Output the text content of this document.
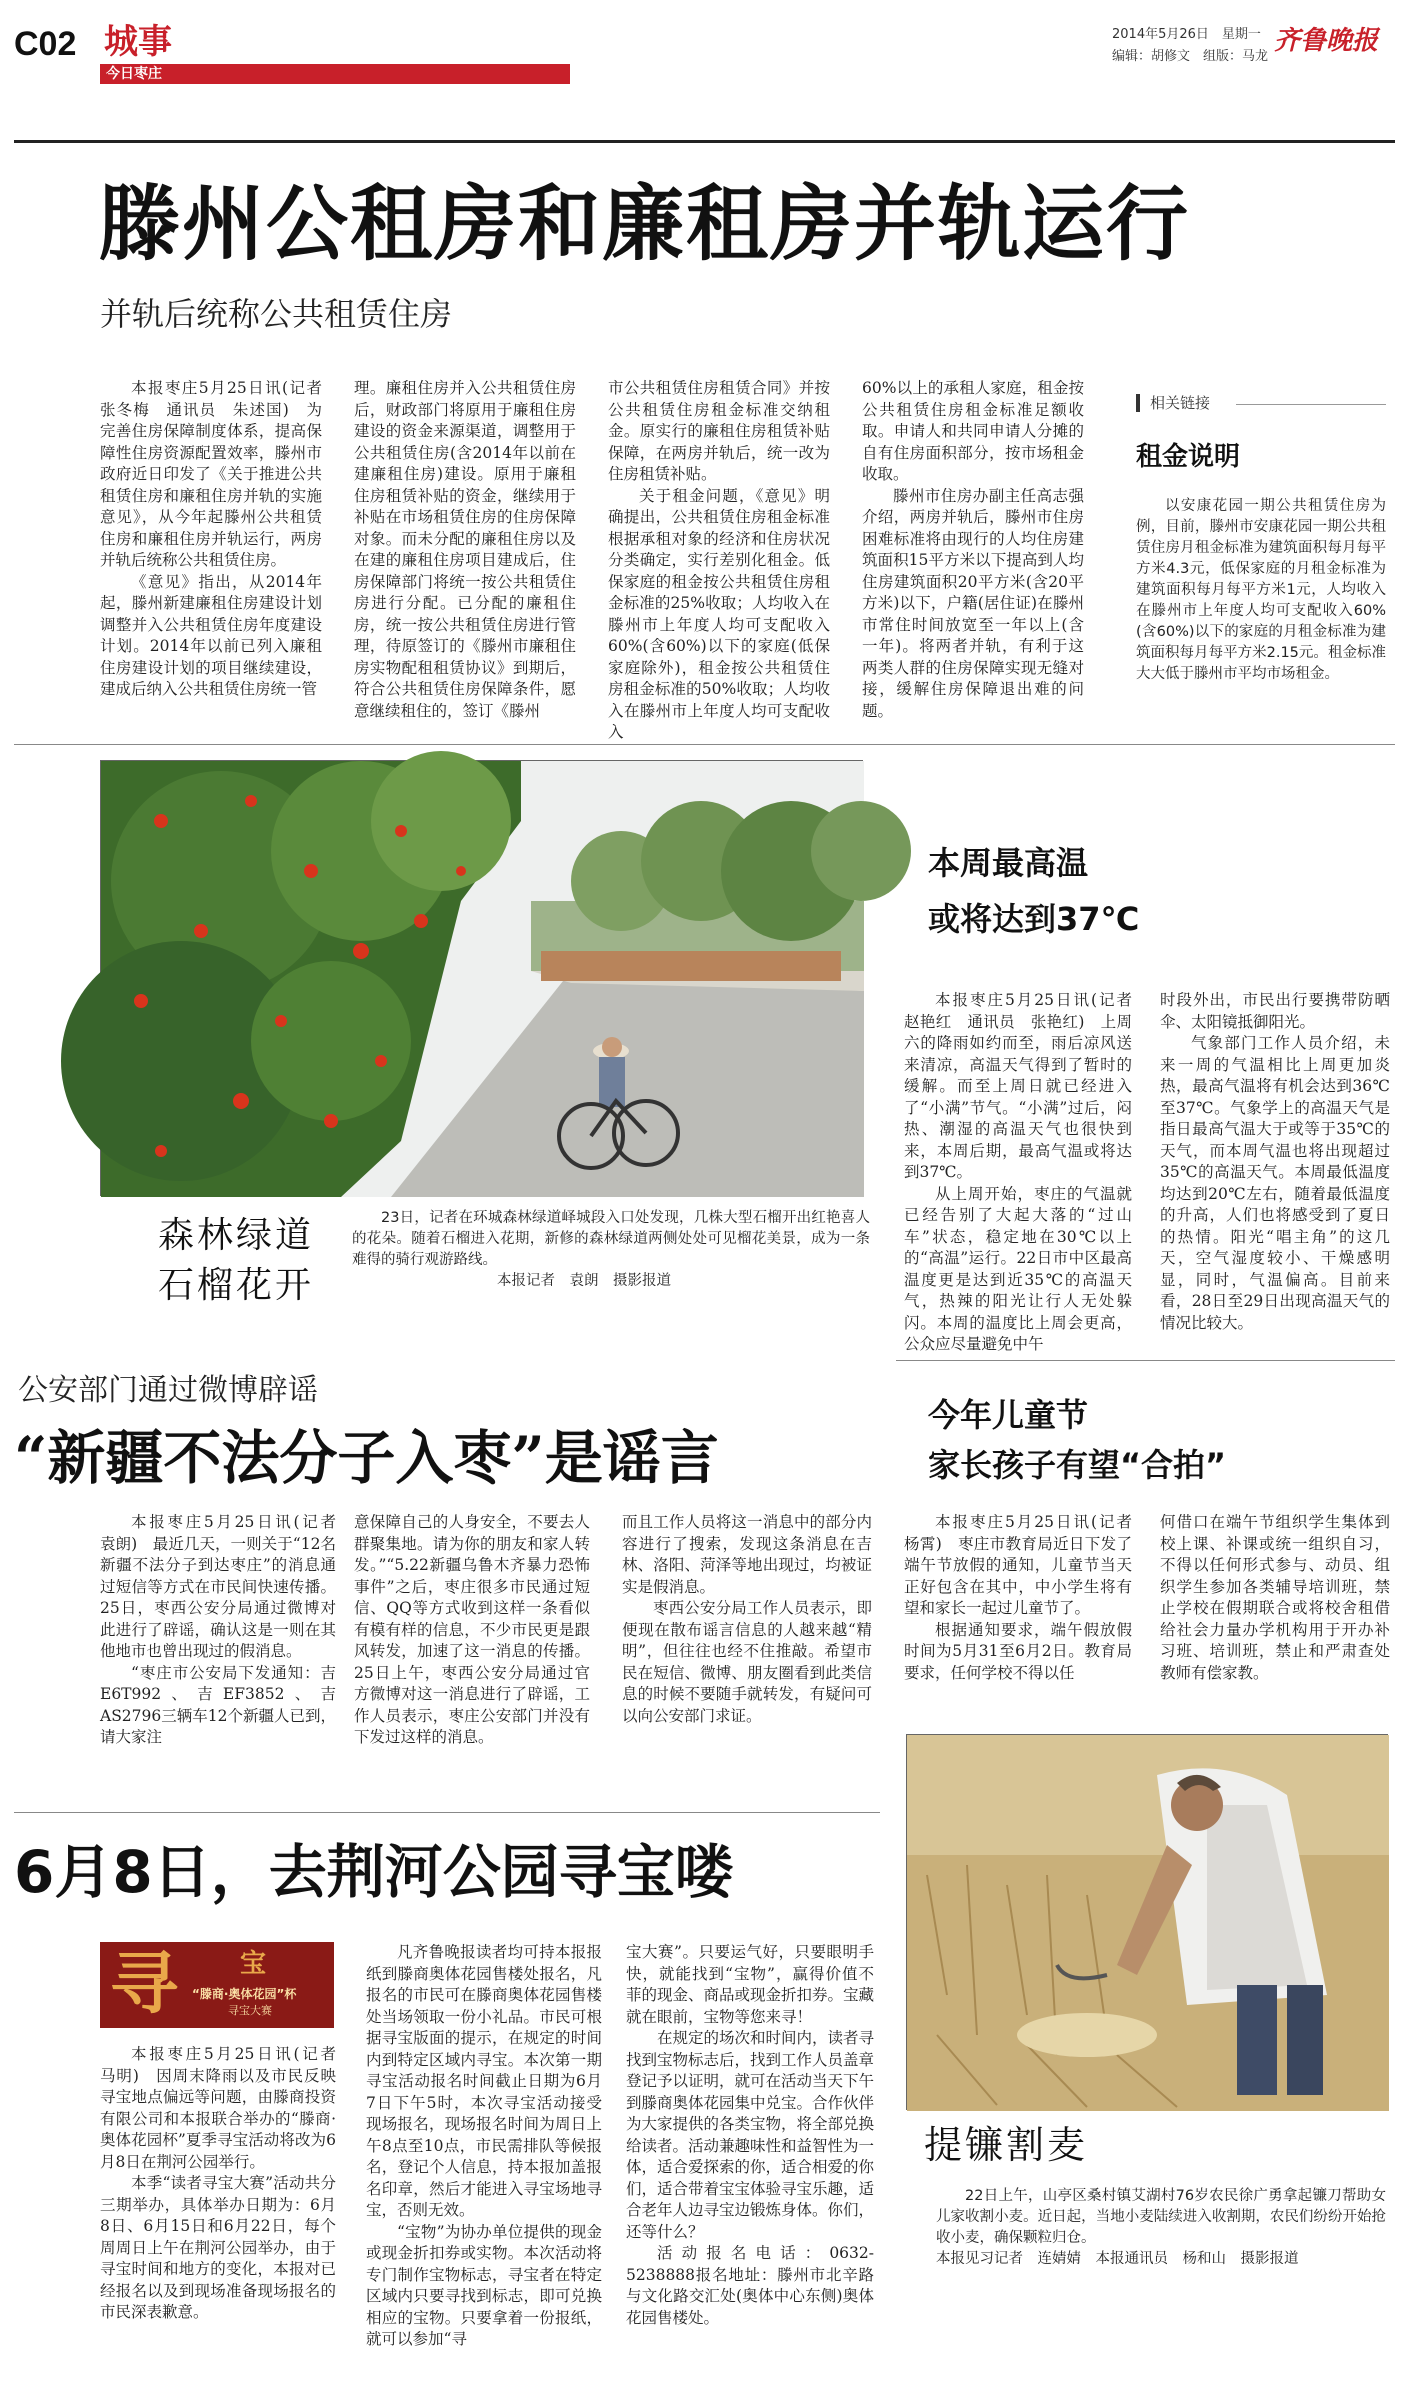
C02 城事
今日枣庄
2014年5月26日　星期一
编辑：胡修文　组版：马龙
齐鲁晚报
滕州公租房和廉租房并轨运行
并轨后统称公共租赁住房

本报枣庄5月25日讯(记者　张冬梅　通讯员　朱述国)　为完善住房保障制度体系，提高保障性住房资源配置效率，滕州市政府近日印发了《关于推进公共租赁住房和廉租住房并轨的实施意见》，从今年起滕州公共租赁住房和廉租住房并轨运行，两房并轨后统称公共租赁住房。

《意见》指出，从2014年起，滕州新建廉租住房建设计划调整并入公共租赁住房年度建设计划。2014年以前已列入廉租住房建设计划的项目继续建设，建成后纳入公共租赁住房统一管

理。廉租住房并入公共租赁住房后，财政部门将原用于廉租住房建设的资金来源渠道，调整用于公共租赁住房(含2014年以前在建廉租住房)建设。原用于廉租住房租赁补贴的资金，继续用于补贴在市场租赁住房的住房保障对象。而未分配的廉租住房以及在建的廉租住房项目建成后，住房保障部门将统一按公共租赁住房进行分配。已分配的廉租住房，统一按公共租赁住房进行管理，待原签订的《滕州市廉租住房实物配租租赁协议》到期后，符合公共租赁住房保障条件，愿意继续租住的，签订《滕州

市公共租赁住房租赁合同》并按公共租赁住房租金标准交纳租金。原实行的廉租住房租赁补贴保障，在两房并轨后，统一改为住房租赁补贴。

关于租金问题，《意见》明确提出，公共租赁住房租金标准根据承租对象的经济和住房状况分类确定，实行差别化租金。低保家庭的租金按公共租赁住房租金标准的25%收取；人均收入在滕州市上年度人均可支配收入60%(含60%)以下的家庭(低保家庭除外)，租金按公共租赁住房租金标准的50%收取；人均收入在滕州市上年度人均可支配收入

60%以上的承租人家庭，租金按公共租赁住房租金标准足额收取。申请人和共同申请人分摊的自有住房面积部分，按市场租金收取。

滕州市住房办副主任高志强介绍，两房并轨后，滕州市住房困难标准将由现行的人均住房建筑面积15平方米以下提高到人均住房建筑面积20平方米(含20平方米)以下，户籍(居住证)在滕州市常住时间放宽至一年以上(含一年)。将两者并轨，有利于这两类人群的住房保障实现无缝对接，缓解住房保障退出难的问题。

相关链接
租金说明

以安康花园一期公共租赁住房为例，目前，滕州市安康花园一期公共租赁住房月租金标准为建筑面积每月每平方米4.3元，低保家庭的月租金标准为建筑面积每月每平方米1元，人均收入在滕州市上年度人均可支配收入60%(含60%)以下的家庭的月租金标准为建筑面积每月每平方米2.15元。租金标准大大低于滕州市平均市场租金。

森林绿道
石榴花开

23日，记者在环城森林绿道峄城段入口处发现，几株大型石榴开出红艳喜人的花朵。随着石榴进入花期，新修的森林绿道两侧处处可见榴花美景，成为一条难得的骑行观游路线。

本报记者　袁朗　摄影报道

本周最高温
或将达到37℃

本报枣庄5月25日讯(记者　赵艳红　通讯员　张艳红)　上周六的降雨如约而至，雨后凉风送来清凉，高温天气得到了暂时的缓解。而至上周日就已经进入了“小满”节气。“小满”过后，闷热、潮湿的高温天气也很快到来，本周后期，最高气温或将达到37℃。

从上周开始，枣庄的气温就已经告别了大起大落的“过山车”状态，稳定地在30℃以上的“高温”运行。22日市中区最高温度更是达到近35℃的高温天气，热辣的阳光让行人无处躲闪。本周的温度比上周会更高，公众应尽量避免中午

时段外出，市民出行要携带防晒伞、太阳镜抵御阳光。

气象部门工作人员介绍，未来一周的气温相比上周更加炎热，最高气温将有机会达到36℃至37℃。气象学上的高温天气是指日最高气温大于或等于35℃的天气，而本周气温也将出现超过35℃的高温天气。本周最低温度均达到20℃左右，随着最低温度的升高，人们也将感受到了夏日的热情。阳光“唱主角”的这几天，空气湿度较小、干燥感明显，同时，气温偏高。目前来看，28日至29日出现高温天气的情况比较大。

公安部门通过微博辟谣
“新疆不法分子入枣”是谣言

本报枣庄5月25日讯(记者　袁朗)　最近几天，一则关于“12名新疆不法分子到达枣庄”的消息通过短信等方式在市民间快速传播。25日，枣西公安分局通过微博对此进行了辟谣，确认这是一则在其他地市也曾出现过的假消息。

“枣庄市公安局下发通知：吉E6T992、吉EF3852、吉AS2796三辆车12个新疆人已到，请大家注

意保障自己的人身安全，不要去人群聚集地。请为你的朋友和家人转发。”“5.22新疆乌鲁木齐暴力恐怖事件”之后，枣庄很多市民通过短信、QQ等方式收到这样一条看似有模有样的信息，不少市民更是跟风转发，加速了这一消息的传播。25日上午，枣西公安分局通过官方微博对这一消息进行了辟谣，工作人员表示，枣庄公安部门并没有下发过这样的消息。

而且工作人员将这一消息中的部分内容进行了搜索，发现这条消息在吉林、洛阳、菏泽等地出现过，均被证实是假消息。

枣西公安分局工作人员表示，即便现在散布谣言信息的人越来越“精明”，但往往也经不住推敲。希望市民在短信、微博、朋友圈看到此类信息的时候不要随手就转发，有疑问可以向公安部门求证。

今年儿童节
家长孩子有望“合拍”

本报枣庄5月25日讯(记者　杨霄)　枣庄市教育局近日下发了端午节放假的通知，儿童节当天正好包含在其中，中小学生将有望和家长一起过儿童节了。

根据通知要求，端午假放假时间为5月31至6月2日。教育局要求，任何学校不得以任

何借口在端午节组织学生集体到校上课、补课或统一组织自习，不得以任何形式参与、动员、组织学生参加各类辅导培训班，禁止学校在假期联合或将校舍租借给社会力量办学机构用于开办补习班、培训班，禁止和严肃查处教师有偿家教。

提镰割麦

22日上午，山亭区桑村镇艾湖村76岁农民徐广勇拿起镰刀帮助女儿家收割小麦。近日起，当地小麦陆续进入收割期，农民们纷纷开始抢收小麦，确保颗粒归仓。

本报见习记者　连婧婧　本报通讯员　杨和山　摄影报道

6月8日，去荆河公园寻宝喽
寻 宝
“滕商·奥体花园”杯
寻宝大赛

本报枣庄5月25日讯(记者　马明)　因周末降雨以及市民反映寻宝地点偏远等问题，由滕商投资有限公司和本报联合举办的“滕商·奥体花园杯”夏季寻宝活动将改为6月8日在荆河公园举行。

本季“读者寻宝大赛”活动共分三期举办，具体举办日期为：6月8日、6月15日和6月22日，每个周周日上午在荆河公园举办，由于寻宝时间和地方的变化，本报对已经报名以及到现场准备现场报名的市民深表歉意。

凡齐鲁晚报读者均可持本报报纸到滕商奥体花园售楼处报名，凡报名的市民可在滕商奥体花园售楼处当场领取一份小礼品。市民可根据寻宝版面的提示，在规定的时间内到特定区域内寻宝。本次第一期寻宝活动报名时间截止日期为6月7日下午5时，本次寻宝活动接受现场报名，现场报名时间为周日上午8点至10点，市民需排队等候报名，登记个人信息，持本报加盖报名印章，然后才能进入寻宝场地寻宝，否则无效。

“宝物”为协办单位提供的现金或现金折扣券或实物。本次活动将专门制作宝物标志，寻宝者在特定区域内只要寻找到标志，即可兑换相应的宝物。只要拿着一份报纸，就可以参加“寻

宝大赛”。只要运气好，只要眼明手快，就能找到“宝物”，赢得价值不菲的现金、商品或现金折扣券。宝藏就在眼前，宝物等您来寻！

在规定的场次和时间内，读者寻找到宝物标志后，找到工作人员盖章登记予以证明，就可在活动当天下午到滕商奥体花园集中兑宝。合作伙伴为大家提供的各类宝物，将全部兑换给读者。活动兼趣味性和益智性为一体，适合爱探索的你，适合相爱的你们，适合带着宝宝体验寻宝乐趣，适合老年人边寻宝边锻炼身体。你们，还等什么？

活动报名电话：0632-5238888报名地址：滕州市北辛路与文化路交汇处(奥体中心东侧)奥体花园售楼处。
